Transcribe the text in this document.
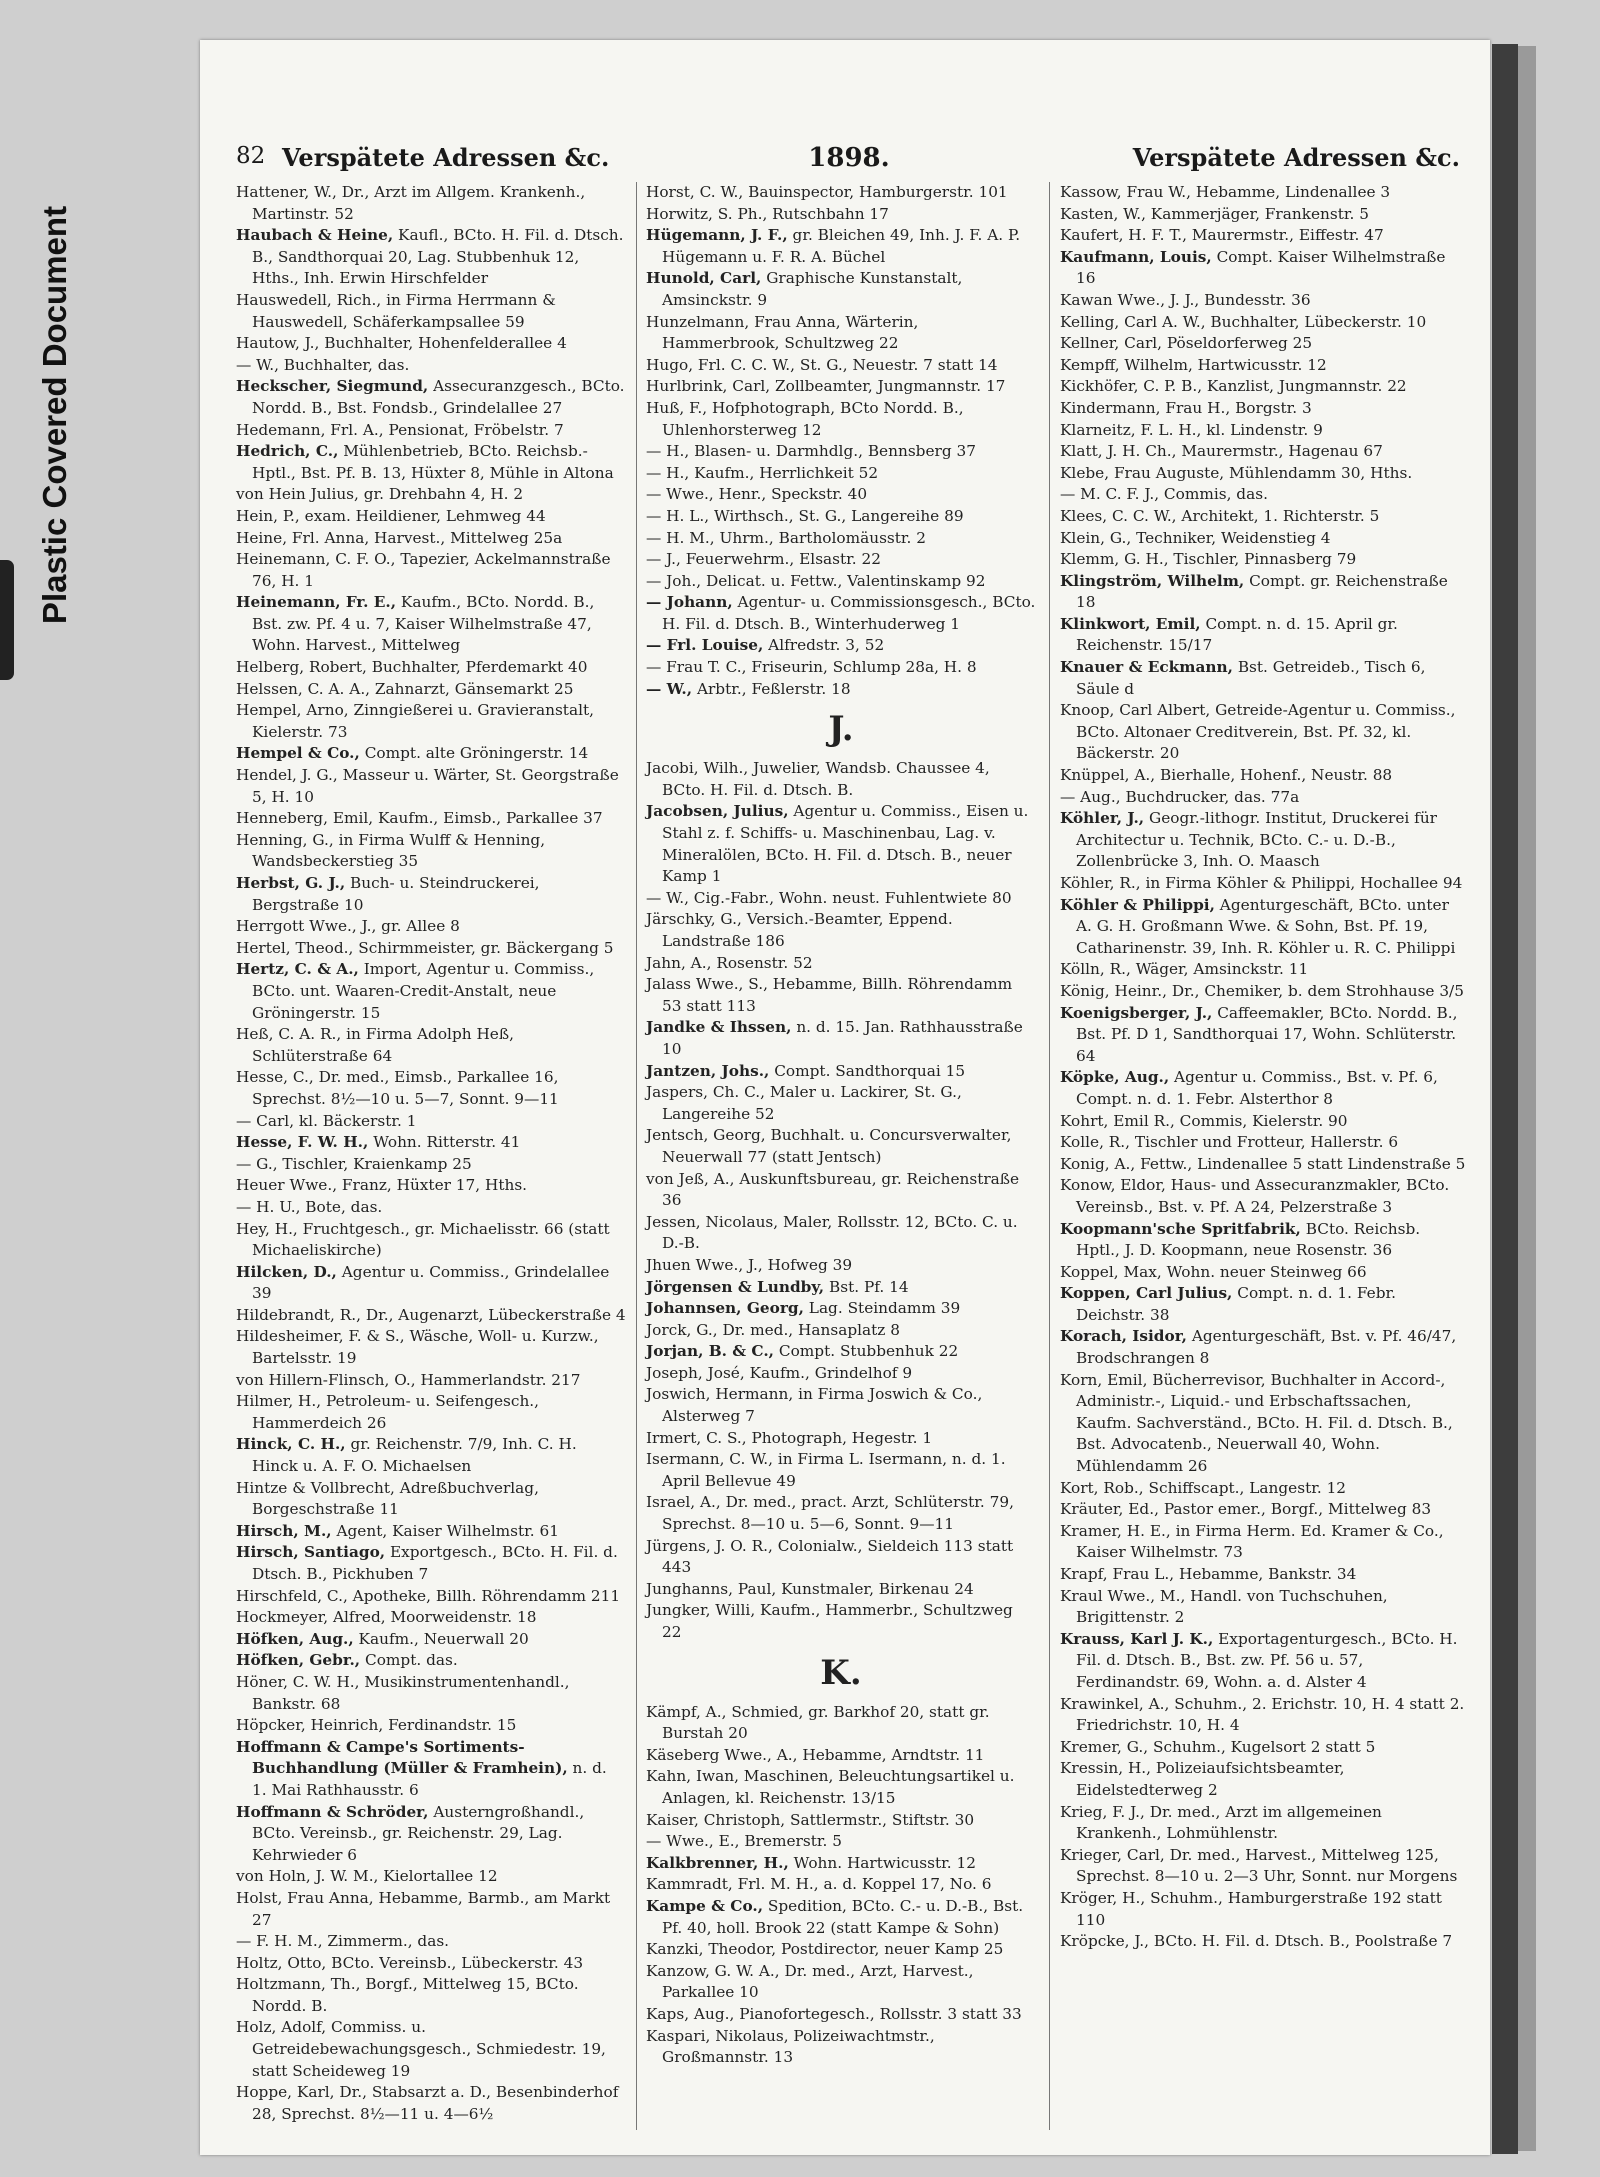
Plastic Covered Document
82 Verspätete Adressen &c.	1898.	Verspätete Adressen &c.
Hattener, W., Dr., Arzt im Allgem. Krankenh., Martinstr. 52
Haubach & Heine, Kaufl., BCto. H. Fil. d. Dtsch. B., Sandthorquai 20, Lag. Stubbenhuk 12, Hths., Inh. Erwin Hirschfelder
Hauswedell, Rich., in Firma Herrmann & Hauswedell, Schäferkampsallee 59
Hautow, J., Buchhalter, Hohenfelderallee 4
— W., Buchhalter, das.
Heckscher, Siegmund, Assecuranzgesch., BCto. Nordd. B., Bst. Fondsb., Grindelallee 27
Hedemann, Frl. A., Pensionat, Fröbelstr. 7
Hedrich, C., Mühlenbetrieb, BCto. Reichsb.-Hptl., Bst. Pf. B. 13, Hüxter 8, Mühle in Altona
von Hein Julius, gr. Drehbahn 4, H. 2
Hein, P., exam. Heildiener, Lehmweg 44
Heine, Frl. Anna, Harvest., Mittelweg 25a
Heinemann, C. F. O., Tapezier, Ackelmannstraße 76, H. 1
Heinemann, Fr. E., Kaufm., BCto. Nordd. B., Bst. zw. Pf. 4 u. 7, Kaiser Wilhelmstraße 47, Wohn. Harvest., Mittelweg
Helberg, Robert, Buchhalter, Pferdemarkt 40
Helssen, C. A. A., Zahnarzt, Gänsemarkt 25
Hempel, Arno, Zinngießerei u. Gravieranstalt, Kielerstr. 73
Hempel & Co., Compt. alte Gröningerstr. 14
Hendel, J. G., Masseur u. Wärter, St. Georgstraße 5, H. 10
Henneberg, Emil, Kaufm., Eimsb., Parkallee 37
Henning, G., in Firma Wulff & Henning, Wandsbeckerstieg 35
Herbst, G. J., Buch- u. Steindruckerei, Bergstraße 10
Herrgott Wwe., J., gr. Allee 8
Hertel, Theod., Schirmmeister, gr. Bäckergang 5
Hertz, C. & A., Import, Agentur u. Commiss., BCto. unt. Waaren-Credit-Anstalt, neue Gröningerstr. 15
Heß, C. A. R., in Firma Adolph Heß, Schlüterstraße 64
Hesse, C., Dr. med., Eimsb., Parkallee 16, Sprechst. 8½—10 u. 5—7, Sonnt. 9—11
— Carl, kl. Bäckerstr. 1
Hesse, F. W. H., Wohn. Ritterstr. 41
— G., Tischler, Kraienkamp 25
Heuer Wwe., Franz, Hüxter 17, Hths.
— H. U., Bote, das.
Hey, H., Fruchtgesch., gr. Michaelisstr. 66 (statt Michaeliskirche)
Hilcken, D., Agentur u. Commiss., Grindelallee 39
Hildebrandt, R., Dr., Augenarzt, Lübeckerstraße 4
Hildesheimer, F. & S., Wäsche, Woll- u. Kurzw., Bartelsstr. 19
von Hillern-Flinsch, O., Hammerlandstr. 217
Hilmer, H., Petroleum- u. Seifengesch., Hammerdeich 26
Hinck, C. H., gr. Reichenstr. 7/9, Inh. C. H. Hinck u. A. F. O. Michaelsen
Hintze & Vollbrecht, Adreßbuchverlag, Borgeschstraße 11
Hirsch, M., Agent, Kaiser Wilhelmstr. 61
Hirsch, Santiago, Exportgesch., BCto. H. Fil. d. Dtsch. B., Pickhuben 7
Hirschfeld, C., Apotheke, Billh. Röhrendamm 211
Hockmeyer, Alfred, Moorweidenstr. 18
Höfken, Aug., Kaufm., Neuerwall 20
Höfken, Gebr., Compt. das.
Höner, C. W. H., Musikinstrumentenhandl., Bankstr. 68
Höpcker, Heinrich, Ferdinandstr. 15
Hoffmann & Campe's Sortiments-Buchhandlung (Müller & Framhein), n. d. 1. Mai Rathhausstr. 6
Hoffmann & Schröder, Austerngroßhandl., BCto. Vereinsb., gr. Reichenstr. 29, Lag. Kehrwieder 6
von Holn, J. W. M., Kielortallee 12
Holst, Frau Anna, Hebamme, Barmb., am Markt 27
— F. H. M., Zimmerm., das.
Holtz, Otto, BCto. Vereinsb., Lübeckerstr. 43
Holtzmann, Th., Borgf., Mittelweg 15, BCto. Nordd. B.
Holz, Adolf, Commiss. u. Getreidebewachungsgesch., Schmiedestr. 19, statt Scheideweg 19
Hoppe, Karl, Dr., Stabsarzt a. D., Besenbinderhof 28, Sprechst. 8½—11 u. 4—6½
Horst, C. W., Bauinspector, Hamburgerstr. 101
Horwitz, S. Ph., Rutschbahn 17
Hügemann, J. F., gr. Bleichen 49, Inh. J. F. A. P. Hügemann u. F. R. A. Büchel
Hunold, Carl, Graphische Kunstanstalt, Amsinckstr. 9
Hunzelmann, Frau Anna, Wärterin, Hammerbrook, Schultzweg 22
Hugo, Frl. C. C. W., St. G., Neuestr. 7 statt 14
Hurlbrink, Carl, Zollbeamter, Jungmannstr. 17
Huß, F., Hofphotograph, BCto Nordd. B., Uhlenhorsterweg 12
— H., Blasen- u. Darmhdlg., Bennsberg 37
— H., Kaufm., Herrlichkeit 52
— Wwe., Henr., Speckstr. 40
— H. L., Wirthsch., St. G., Langereihe 89
— H. M., Uhrm., Bartholomäusstr. 2
— J., Feuerwehrm., Elsastr. 22
— Joh., Delicat. u. Fettw., Valentinskamp 92
— Johann, Agentur- u. Commissionsgesch., BCto. H. Fil. d. Dtsch. B., Winterhuderweg 1
— Frl. Louise, Alfredstr. 3, 52
— Frau T. C., Friseurin, Schlump 28a, H. 8
— W., Arbtr., Feßlerstr. 18
J.
Jacobi, Wilh., Juwelier, Wandsb. Chaussee 4, BCto. H. Fil. d. Dtsch. B.
Jacobsen, Julius, Agentur u. Commiss., Eisen u. Stahl z. f. Schiffs- u. Maschinenbau, Lag. v. Mineralölen, BCto. H. Fil. d. Dtsch. B., neuer Kamp 1
— W., Cig.-Fabr., Wohn. neust. Fuhlentwiete 80
Järschky, G., Versich.-Beamter, Eppend. Landstraße 186
Jahn, A., Rosenstr. 52
Jalass Wwe., S., Hebamme, Billh. Röhrendamm 53 statt 113
Jandke & Ihssen, n. d. 15. Jan. Rathhausstraße 10
Jantzen, Johs., Compt. Sandthorquai 15
Jaspers, Ch. C., Maler u. Lackirer, St. G., Langereihe 52
Jentsch, Georg, Buchhalt. u. Concursverwalter, Neuerwall 77 (statt Jentsch)
von Jeß, A., Auskunftsbureau, gr. Reichenstraße 36
Jessen, Nicolaus, Maler, Rollsstr. 12, BCto. C. u. D.-B.
Jhuen Wwe., J., Hofweg 39
Jörgensen & Lundby, Bst. Pf. 14
Johannsen, Georg, Lag. Steindamm 39
Jorck, G., Dr. med., Hansaplatz 8
Jorjan, B. & C., Compt. Stubbenhuk 22
Joseph, José, Kaufm., Grindelhof 9
Joswich, Hermann, in Firma Joswich & Co., Alsterweg 7
Irmert, C. S., Photograph, Hegestr. 1
Isermann, C. W., in Firma L. Isermann, n. d. 1. April Bellevue 49
Israel, A., Dr. med., pract. Arzt, Schlüterstr. 79, Sprechst. 8—10 u. 5—6, Sonnt. 9—11
Jürgens, J. O. R., Colonialw., Sieldeich 113 statt 443
Junghanns, Paul, Kunstmaler, Birkenau 24
Jungker, Willi, Kaufm., Hammerbr., Schultzweg 22
K.
Kämpf, A., Schmied, gr. Barkhof 20, statt gr. Burstah 20
Käseberg Wwe., A., Hebamme, Arndtstr. 11
Kahn, Iwan, Maschinen, Beleuchtungsartikel u. Anlagen, kl. Reichenstr. 13/15
Kaiser, Christoph, Sattlermstr., Stiftstr. 30
— Wwe., E., Bremerstr. 5
Kalkbrenner, H., Wohn. Hartwicusstr. 12
Kammradt, Frl. M. H., a. d. Koppel 17, No. 6
Kampe & Co., Spedition, BCto. C.- u. D.-B., Bst. Pf. 40, holl. Brook 22 (statt Kampe & Sohn)
Kanzki, Theodor, Postdirector, neuer Kamp 25
Kanzow, G. W. A., Dr. med., Arzt, Harvest., Parkallee 10
Kaps, Aug., Pianofortegesch., Rollsstr. 3 statt 33
Kaspari, Nikolaus, Polizeiwachtmstr., Großmannstr. 13
Kassow, Frau W., Hebamme, Lindenallee 3
Kasten, W., Kammerjäger, Frankenstr. 5
Kaufert, H. F. T., Maurermstr., Eiffestr. 47
Kaufmann, Louis, Compt. Kaiser Wilhelmstraße 16
Kawan Wwe., J. J., Bundesstr. 36
Kelling, Carl A. W., Buchhalter, Lübeckerstr. 10
Kellner, Carl, Pöseldorferweg 25
Kempff, Wilhelm, Hartwicusstr. 12
Kickhöfer, C. P. B., Kanzlist, Jungmannstr. 22
Kindermann, Frau H., Borgstr. 3
Klarneitz, F. L. H., kl. Lindenstr. 9
Klatt, J. H. Ch., Maurermstr., Hagenau 67
Klebe, Frau Auguste, Mühlendamm 30, Hths.
— M. C. F. J., Commis, das.
Klees, C. C. W., Architekt, 1. Richterstr. 5
Klein, G., Techniker, Weidenstieg 4
Klemm, G. H., Tischler, Pinnasberg 79
Klingström, Wilhelm, Compt. gr. Reichenstraße 18
Klinkwort, Emil, Compt. n. d. 15. April gr. Reichenstr. 15/17
Knauer & Eckmann, Bst. Getreideb., Tisch 6, Säule d
Knoop, Carl Albert, Getreide-Agentur u. Commiss., BCto. Altonaer Creditverein, Bst. Pf. 32, kl. Bäckerstr. 20
Knüppel, A., Bierhalle, Hohenf., Neustr. 88
— Aug., Buchdrucker, das. 77a
Köhler, J., Geogr.-lithogr. Institut, Druckerei für Architectur u. Technik, BCto. C.- u. D.-B., Zollenbrücke 3, Inh. O. Maasch
Köhler, R., in Firma Köhler & Philippi, Hochallee 94
Köhler & Philippi, Agenturgeschäft, BCto. unter A. G. H. Großmann Wwe. & Sohn, Bst. Pf. 19, Catharinenstr. 39, Inh. R. Köhler u. R. C. Philippi
Kölln, R., Wäger, Amsinckstr. 11
König, Heinr., Dr., Chemiker, b. dem Strohhause 3/5
Koenigsberger, J., Caffeemakler, BCto. Nordd. B., Bst. Pf. D 1, Sandthorquai 17, Wohn. Schlüterstr. 64
Köpke, Aug., Agentur u. Commiss., Bst. v. Pf. 6, Compt. n. d. 1. Febr. Alsterthor 8
Kohrt, Emil R., Commis, Kielerstr. 90
Kolle, R., Tischler und Frotteur, Hallerstr. 6
Konig, A., Fettw., Lindenallee 5 statt Lindenstraße 5
Konow, Eldor, Haus- und Assecuranzmakler, BCto. Vereinsb., Bst. v. Pf. A 24, Pelzerstraße 3
Koopmann'sche Spritfabrik, BCto. Reichsb. Hptl., J. D. Koopmann, neue Rosenstr. 36
Koppel, Max, Wohn. neuer Steinweg 66
Koppen, Carl Julius, Compt. n. d. 1. Febr. Deichstr. 38
Korach, Isidor, Agenturgeschäft, Bst. v. Pf. 46/47, Brodschrangen 8
Korn, Emil, Bücherrevisor, Buchhalter in Accord-, Administr.-, Liquid.- und Erbschaftssachen, Kaufm. Sachverständ., BCto. H. Fil. d. Dtsch. B., Bst. Advocatenb., Neuerwall 40, Wohn. Mühlendamm 26
Kort, Rob., Schiffscapt., Langestr. 12
Kräuter, Ed., Pastor emer., Borgf., Mittelweg 83
Kramer, H. E., in Firma Herm. Ed. Kramer & Co., Kaiser Wilhelmstr. 73
Krapf, Frau L., Hebamme, Bankstr. 34
Kraul Wwe., M., Handl. von Tuchschuhen, Brigittenstr. 2
Krauss, Karl J. K., Exportagenturgesch., BCto. H. Fil. d. Dtsch. B., Bst. zw. Pf. 56 u. 57, Ferdinandstr. 69, Wohn. a. d. Alster 4
Krawinkel, A., Schuhm., 2. Erichstr. 10, H. 4 statt 2. Friedrichstr. 10, H. 4
Kremer, G., Schuhm., Kugelsort 2 statt 5
Kressin, H., Polizeiaufsichtsbeamter, Eidelstedterweg 2
Krieg, F. J., Dr. med., Arzt im allgemeinen Krankenh., Lohmühlenstr.
Krieger, Carl, Dr. med., Harvest., Mittelweg 125, Sprechst. 8—10 u. 2—3 Uhr, Sonnt. nur Morgens
Kröger, H., Schuhm., Hamburgerstraße 192 statt 110
Kröpcke, J., BCto. H. Fil. d. Dtsch. B., Poolstraße 7
